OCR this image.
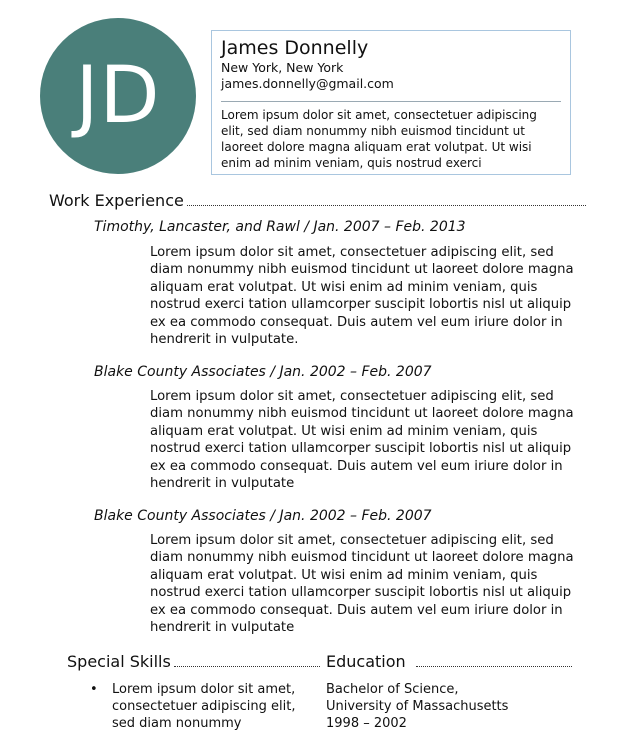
JD
James Donnelly
New York, New York
james.donnelly@gmail.com
Lorem ipsum dolor sit amet, consectetuer adipiscing elit, sed diam nonummy nibh euismod tincidunt ut laoreet dolore magna aliquam erat volutpat. Ut wisi enim ad minim veniam, quis nostrud exerci
Work Experience
Timothy, Lancaster, and Rawl / Jan. 2007 – Feb. 2013
Lorem ipsum dolor sit amet, consectetuer adipiscing elit, sed diam nonummy nibh euismod tincidunt ut laoreet dolore magna aliquam erat volutpat. Ut wisi enim ad minim veniam, quis nostrud exerci tation ullamcorper suscipit lobortis nisl ut aliquip ex ea commodo consequat. Duis autem vel eum iriure dolor in hendrerit in vulputate.
Blake County Associates / Jan. 2002 – Feb. 2007
Lorem ipsum dolor sit amet, consectetuer adipiscing elit, sed diam nonummy nibh euismod tincidunt ut laoreet dolore magna aliquam erat volutpat. Ut wisi enim ad minim veniam, quis nostrud exerci tation ullamcorper suscipit lobortis nisl ut aliquip ex ea commodo consequat. Duis autem vel eum iriure dolor in hendrerit in vulputate
Blake County Associates / Jan. 2002 – Feb. 2007
Lorem ipsum dolor sit amet, consectetuer adipiscing elit, sed diam nonummy nibh euismod tincidunt ut laoreet dolore magna aliquam erat volutpat. Ut wisi enim ad minim veniam, quis nostrud exerci tation ullamcorper suscipit lobortis nisl ut aliquip ex ea commodo consequat. Duis autem vel eum iriure dolor in hendrerit in vulputate
Special Skills	Education
• Lorem ipsum dolor sit amet, consectetuer adipiscing elit, sed diam nonummy
Bachelor of Science,
University of Massachusetts
1998 – 2002
